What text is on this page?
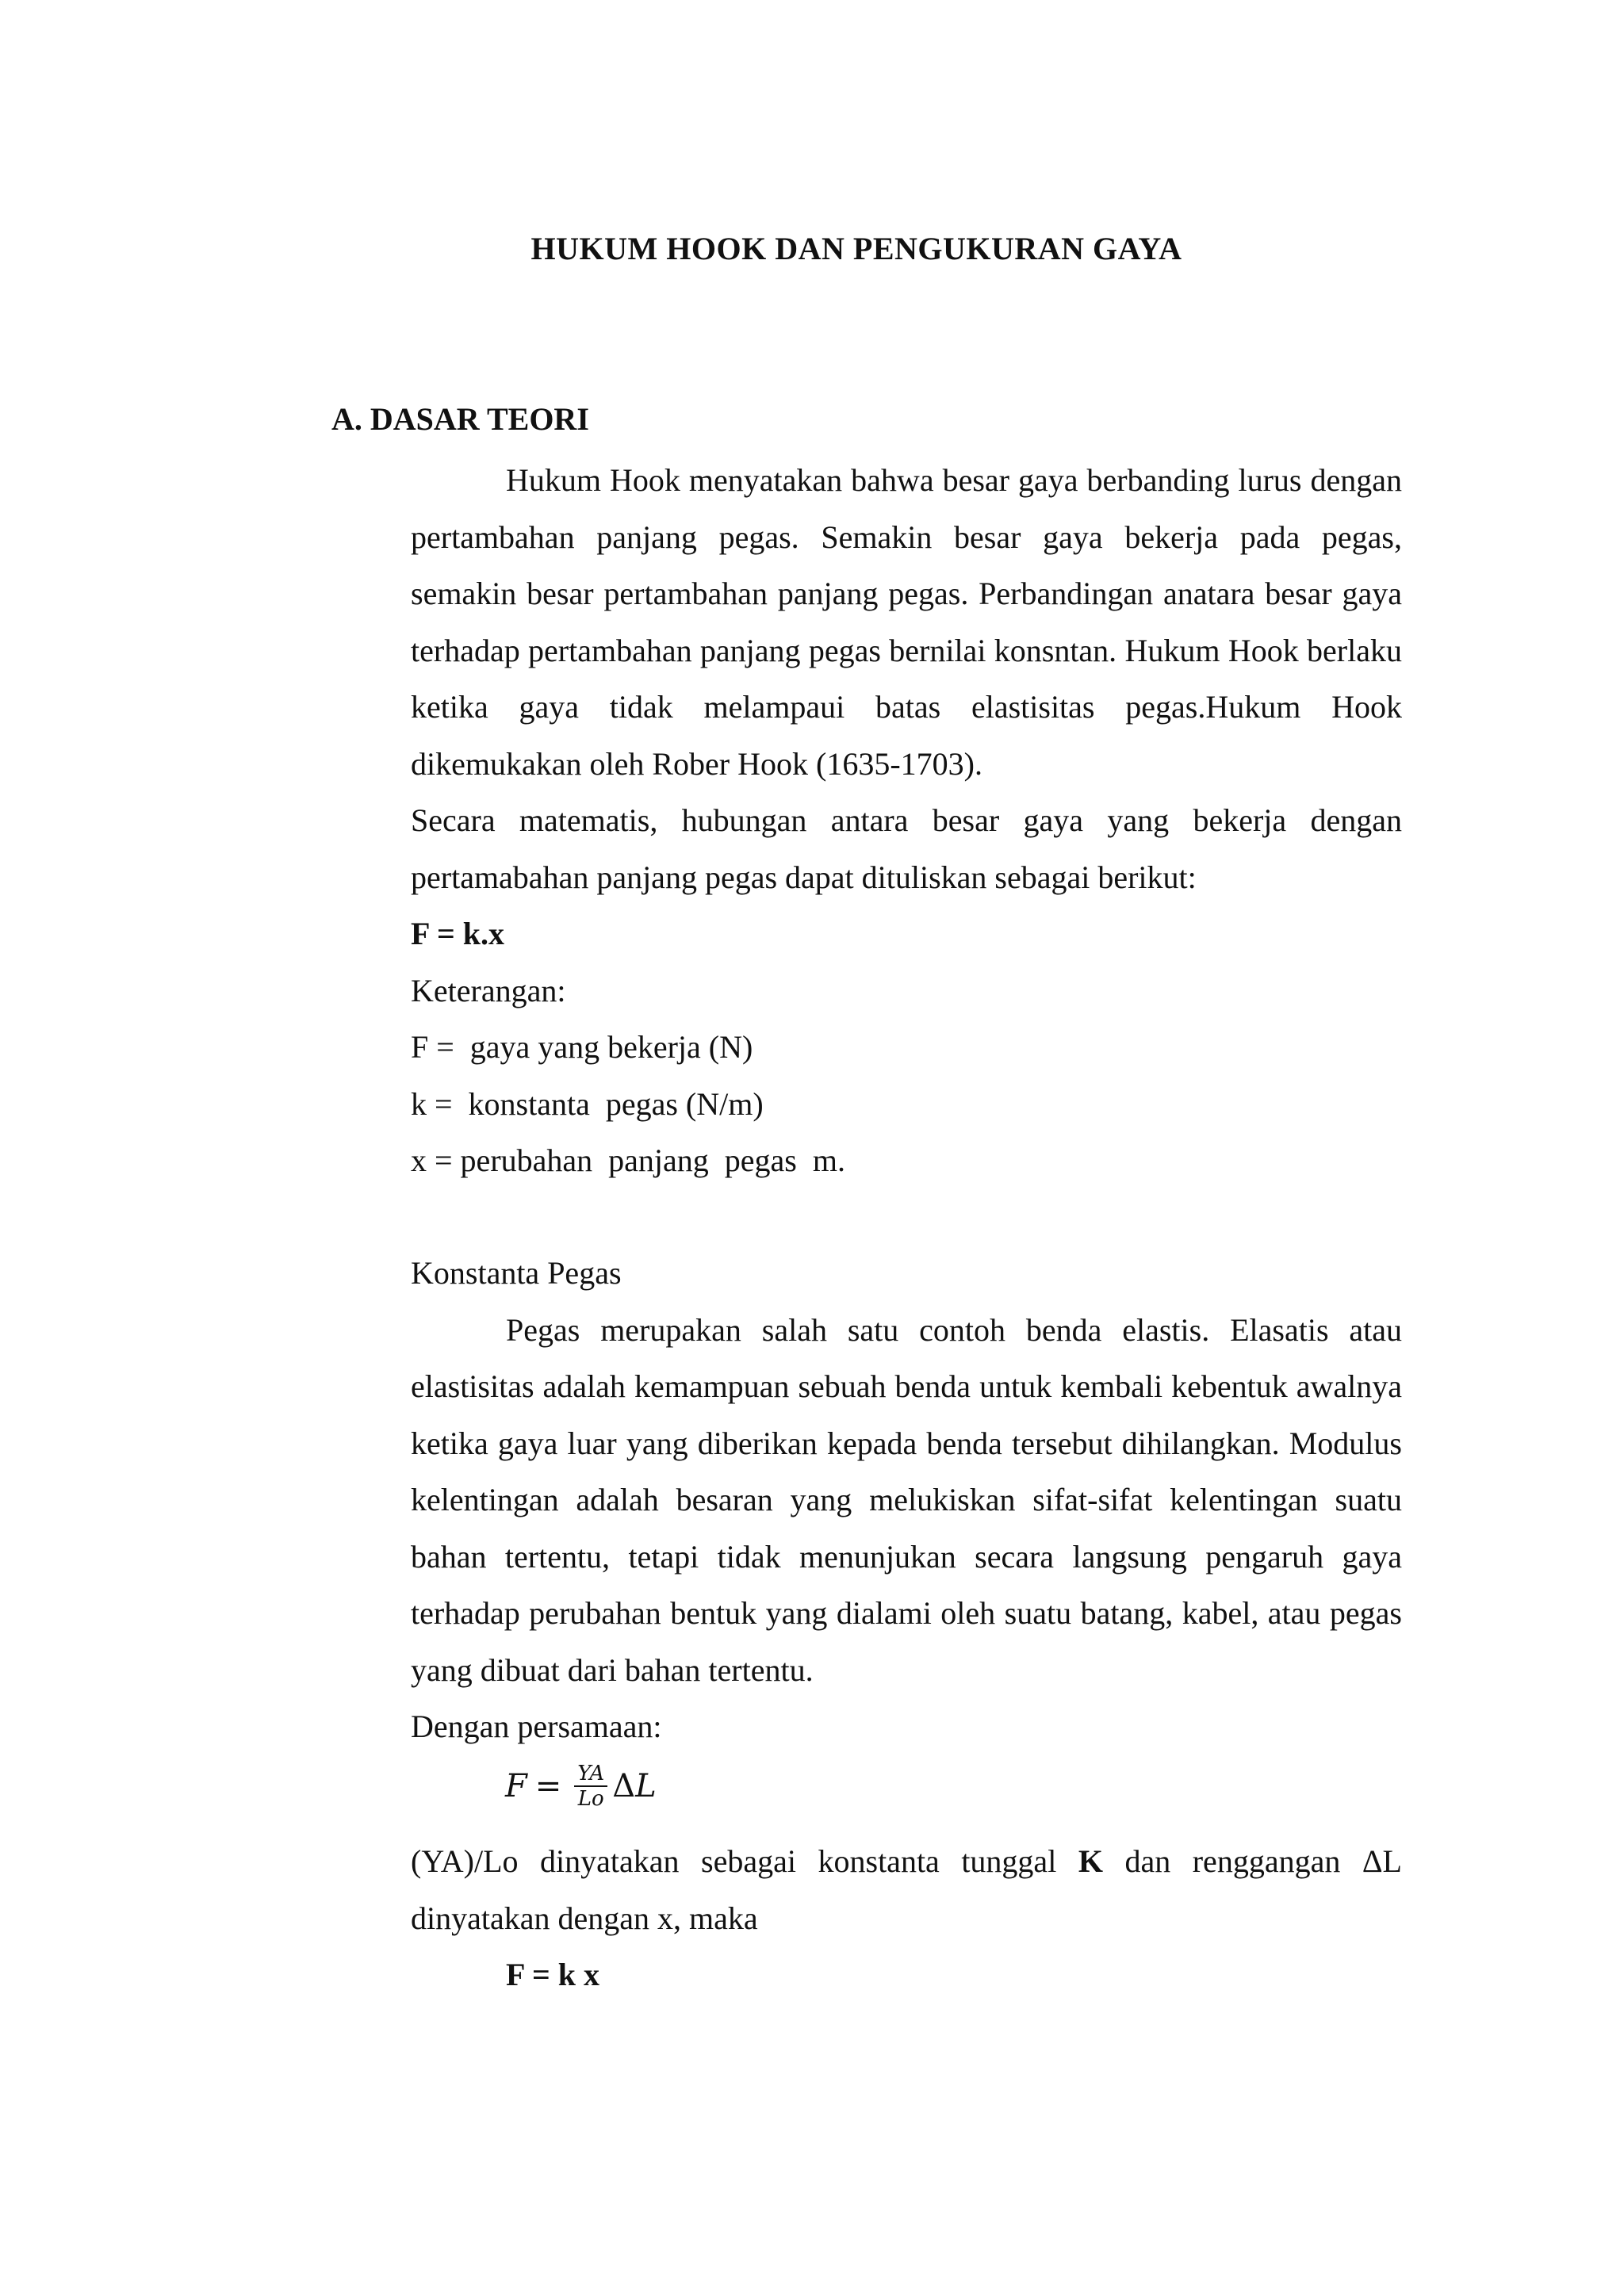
HUKUM HOOK DAN PENGUKURAN GAYA
A. DASAR TEORI

Hukum Hook menyatakan bahwa besar gaya berbanding lurus dengan pertambahan panjang pegas. Semakin besar gaya bekerja pada pegas, semakin besar pertambahan panjang pegas. Perbandingan anatara besar gaya terhadap pertambahan panjang pegas bernilai konsntan. Hukum Hook berlaku ketika gaya tidak melampaui batas elastisitas pegas.Hukum Hook dikemukakan oleh Rober Hook (1635-1703).

Secara matematis, hubungan antara besar gaya yang bekerja dengan pertamabahan panjang pegas dapat dituliskan sebagai berikut:

F = k.x

Keterangan:

F =  gaya yang bekerja (N)

k =  konstanta  pegas (N/m)

x = perubahan  panjang  pegas  m.

Konstanta Pegas

Pegas merupakan salah satu contoh benda elastis. Elasatis atau elastisitas adalah kemampuan sebuah benda untuk kembali kebentuk awalnya ketika gaya luar yang diberikan kepada benda tersebut dihilangkan. Modulus kelentingan adalah besaran yang melukiskan sifat-sifat kelentingan suatu bahan tertentu, tetapi tidak menunjukan secara langsung pengaruh gaya terhadap perubahan bentuk yang dialami oleh suatu batang, kabel, atau pegas yang dibuat dari bahan tertentu.

Dengan persamaan:

$F = \frac{YA}{Lo}$ Δ L

(YA)/Lo dinyatakan sebagai konstanta tunggal K dan renggangan ΔL dinyatakan dengan x, maka

F = k x
